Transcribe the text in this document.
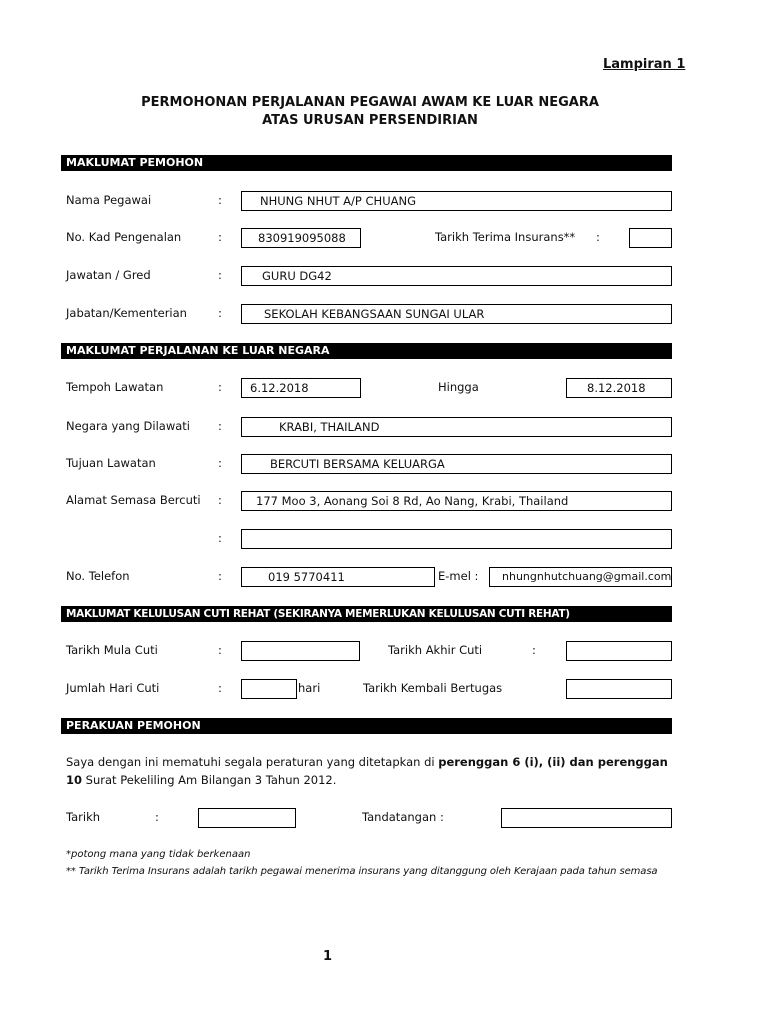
Lampiran 1
PERMOHONAN PERJALANAN PEGAWAI AWAM KE LUAR NEGARA
ATAS URUSAN PERSENDIRIAN
MAKLUMAT PEMOHON
Nama Pegawai	:	NHUNG NHUT A/P CHUANG
No. Kad Pengenalan	:	830919095088	Tarikh Terima Insurans** :
Jawatan / Gred	:	GURU DG42
Jabatan/Kementerian	:	SEKOLAH KEBANGSAAN SUNGAI ULAR
MAKLUMAT PERJALANAN KE LUAR NEGARA
Tempoh Lawatan	:	6.12.2018	Hingga	8.12.2018
Negara yang Dilawati :	KRABI, THAILAND
Tujuan Lawatan	:	BERCUTI BERSAMA KELUARGA
Alamat Semasa Bercuti :	177 Moo 3, Aonang Soi 8 Rd, Ao Nang, Krabi, Thailand
:
No. Telefon	:	019 5770411	E-mel :	nhungnhutchuang@gmail.com
MAKLUMAT KELULUSAN CUTI REHAT (SEKIRANYA MEMERLUKAN KELULUSAN CUTI REHAT)
Tarikh Mula Cuti	:	Tarikh Akhir Cuti	:
Jumlah Hari Cuti	:	hari	Tarikh Kembali Bertugas
PERAKUAN PEMOHON
Saya dengan ini mematuhi segala peraturan yang ditetapkan di perenggan 6 (i), (ii) dan perenggan 10 Surat Pekeliling Am Bilangan 3 Tahun 2012.
Tarikh	:	Tandatangan :
*potong mana yang tidak berkenaan
** Tarikh Terima Insurans adalah tarikh pegawai menerima insurans yang ditanggung oleh Kerajaan pada tahun semasa
1
